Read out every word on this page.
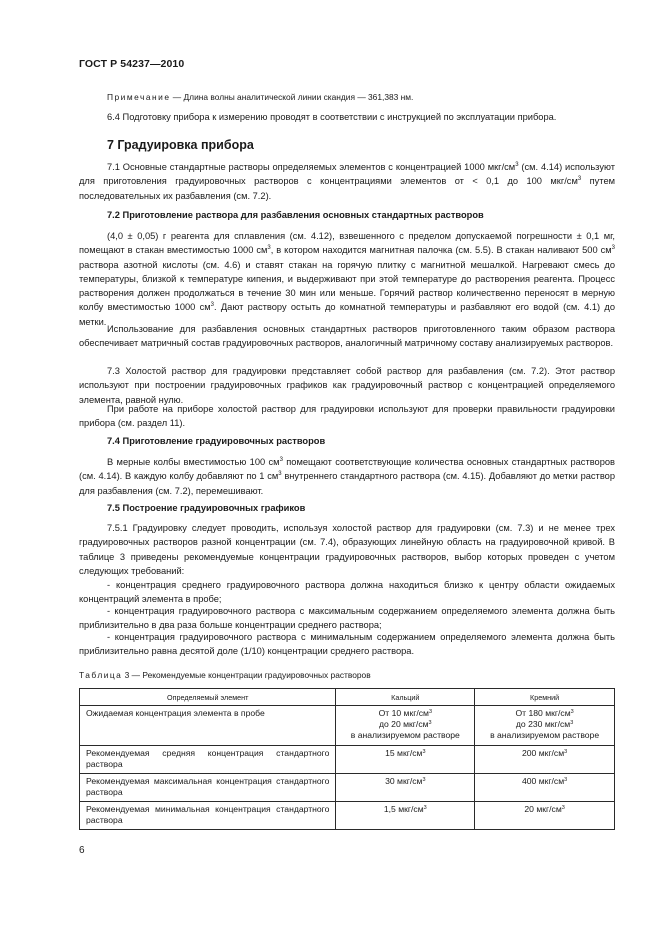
ГОСТ Р 54237—2010
Примечание — Длина волны аналитической линии скандия — 361,383 нм.
6.4 Подготовку прибора к измерению проводят в соответствии с инструкцией по эксплуатации прибора.
7 Градуировка прибора
7.1 Основные стандартные растворы определяемых элементов с концентрацией 1000 мкг/$см^3$ (см. 4.14) используют для приготовления градуировочных растворов с концентрациями элементов от < 0,1 до 100 мкг/$см^3$ путем последовательных их разбавления (см. 7.2).
7.2 Приготовление раствора для разбавления основных стандартных растворов
(4,0 ± 0,05) г реагента для сплавления (см. 4.12), взвешенного с пределом допускаемой погрешности ± 0,1 мг, помещают в стакан вместимостью 1000 $см^3$, в котором находится магнитная палочка (см. 5.5). В стакан наливают 500 $см^3$ раствора азотной кислоты (см. 4.6) и ставят стакан на горячую плитку с магнитной мешалкой. Нагревают смесь до температуры, близкой к температуре кипения, и выдерживают при этой температуре до растворения реагента. Процесс растворения должен продолжаться в течение 30 мин или меньше. Горячий раствор количественно переносят в мерную колбу вместимостью 1000 $см^3$. Дают раствору остыть до комнатной температуры и разбавляют его водой (см. 4.1) до метки.
Использование для разбавления основных стандартных растворов приготовленного таким образом раствора обеспечивает матричный состав градуировочных растворов, аналогичный матричному составу анализируемых растворов.
7.3 Холостой раствор для градуировки представляет собой раствор для разбавления (см. 7.2). Этот раствор используют при построении градуировочных графиков как градуировочный раствор с концентрацией определяемого элемента, равной нулю.
При работе на приборе холостой раствор для градуировки используют для проверки правильности градуировки прибора (см. раздел 11).
7.4 Приготовление градуировочных растворов
В мерные колбы вместимостью 100 $см^3$ помещают соответствующие количества основных стандартных растворов (см. 4.14). В каждую колбу добавляют по 1 $см^3$ внутреннего стандартного раствора (см. 4.15). Добавляют до метки раствор для разбавления (см. 7.2), перемешивают.
7.5 Построение градуировочных графиков
7.5.1 Градуировку следует проводить, используя холостой раствор для градуировки (см. 7.3) и не менее трех градуировочных растворов разной концентрации (см. 7.4), образующих линейную область на градуировочной кривой. В таблице 3 приведены рекомендуемые концентрации градуировочных растворов, выбор которых проведен с учетом следующих требований:
- концентрация среднего градуировочного раствора должна находиться близко к центру области ожидаемых концентраций элемента в пробе;
- концентрация градуировочного раствора с максимальным содержанием определяемого элемента должна быть приблизительно в два раза больше концентрации среднего раствора;
- концентрация градуировочного раствора с минимальным содержанием определяемого элемента должна быть приблизительно равна десятой доле (1/10) концентрации среднего раствора.
Таблица 3 — Рекомендуемые концентрации градуировочных растворов
Определяемый элемент	Кальций	Кремний
Ожидаемая концентрация элемента в пробе	От 10 мкг/$см^3$
до 20 мкг/$см^3$
в анализируемом растворе	От 180 мкг/$см^3$
до 230 мкг/$см^3$
в анализируемом растворе
Рекомендуемая средняя концентрация стандартного раствора	15 мкг/$см^3$	200 мкг/$см^3$
Рекомендуемая максимальная концентрация стандартного раствора	30 мкг/$см^3$	400 мкг/$см^3$
Рекомендуемая минимальная концентрация стандартного раствора	1,5 мкг/$см^3$	20 мкг/$см^3$
6
